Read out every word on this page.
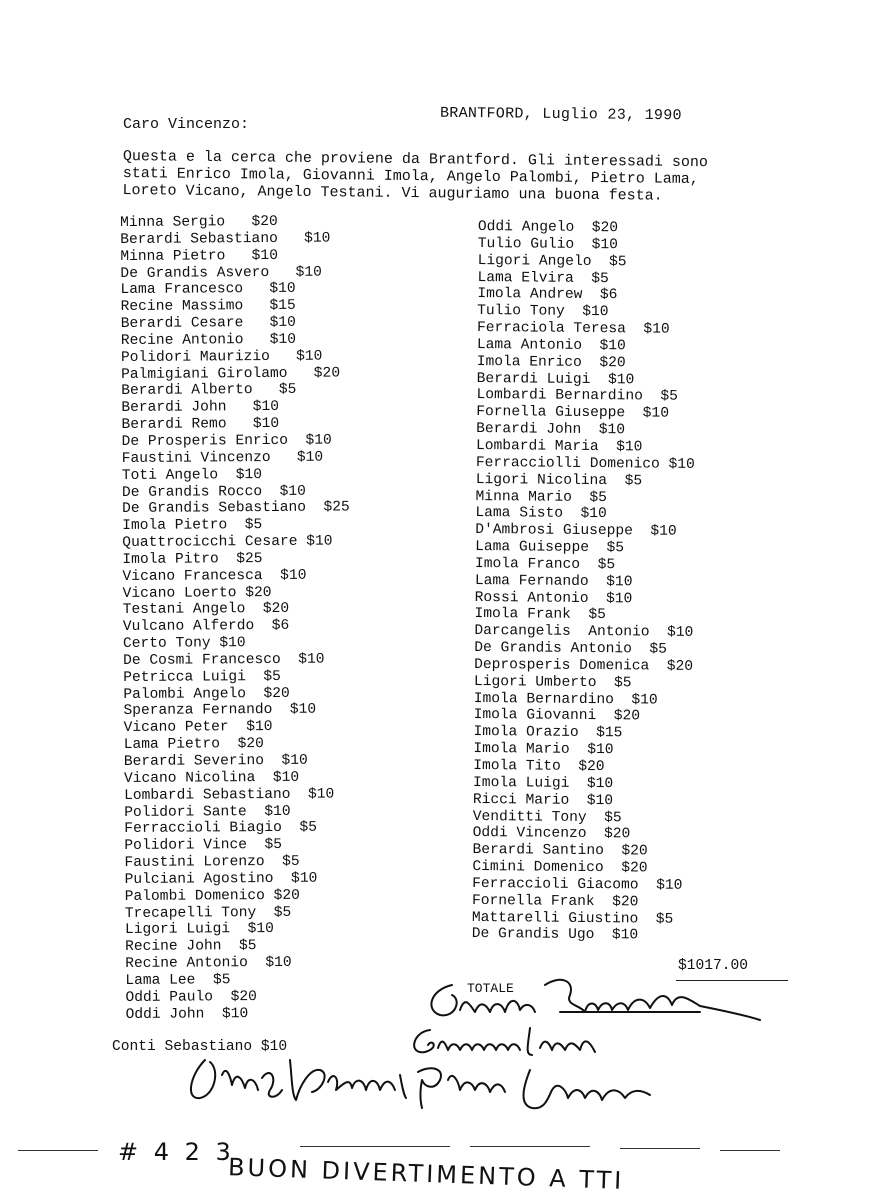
BRANTFORD, Luglio 23, 1990
Caro Vincenzo:
Questa e la cerca che proviene da Brantford. Gli interessadi sono
stati Enrico Imola, Giovanni Imola, Angelo Palombi, Pietro Lama,
Loreto Vicano, Angelo Testani. Vi auguriamo una buona festa.
Minna Sergio   $20
Berardi Sebastiano   $10
Minna Pietro   $10
De Grandis Asvero   $10
Lama Francesco   $10
Recine Massimo   $15
Berardi Cesare   $10
Recine Antonio   $10
Polidori Maurizio   $10
Palmigiani Girolamo   $20
Berardi Alberto   $5
Berardi John   $10
Berardi Remo   $10
De Prosperis Enrico  $10
Faustini Vincenzo   $10
Toti Angelo  $10
De Grandis Rocco  $10
De Grandis Sebastiano  $25
Imola Pietro  $5
Quattrocicchi Cesare $10
Imola Pitro  $25
Vicano Francesca  $10
Vicano Loerto $20
Testani Angelo  $20
Vulcano Alferdo  $6
Certo Tony $10
De Cosmi Francesco  $10
Petricca Luigi  $5
Palombi Angelo  $20
Speranza Fernando  $10
Vicano Peter  $10
Lama Pietro  $20
Berardi Severino  $10
Vicano Nicolina  $10
Lombardi Sebastiano  $10
Polidori Sante  $10
Ferraccioli Biagio  $5
Polidori Vince  $5
Faustini Lorenzo  $5
Pulciani Agostino  $10
Palombi Domenico $20
Trecapelli Tony  $5
Ligori Luigi  $10
Recine John  $5
Recine Antonio  $10
Lama Lee  $5
Oddi Paulo  $20
Oddi John  $10
Oddi Angelo  $20
Tulio Gulio  $10
Ligori Angelo  $5
Lama Elvira  $5
Imola Andrew  $6
Tulio Tony  $10
Ferraciola Teresa  $10
Lama Antonio  $10
Imola Enrico  $20
Berardi Luigi  $10
Lombardi Bernardino  $5
Fornella Giuseppe  $10
Berardi John  $10
Lombardi Maria  $10
Ferracciolli Domenico $10
Ligori Nicolina  $5
Minna Mario  $5
Lama Sisto  $10
D'Ambrosi Giuseppe  $10
Lama Guiseppe  $5
Imola Franco  $5
Lama Fernando  $10
Rossi Antonio  $10
Imola Frank  $5
Darcangelis  Antonio  $10
De Grandis Antonio  $5
Deprosperis Domenica  $20
Ligori Umberto  $5
Imola Bernardino  $10
Imola Giovanni  $20
Imola Orazio  $15
Imola Mario  $10
Imola Tito  $20
Imola Luigi  $10
Ricci Mario  $10
Venditti Tony  $5
Oddi Vincenzo  $20
Berardi Santino  $20
Cimini Domenico  $20
Ferraccioli Giacomo  $10
Fornella Frank  $20
Mattarelli Giustino  $5
De Grandis Ugo  $10
$1017.00
TOTALE
Conti Sebastiano $10
# 4 2 3
BUON DIVERTIMENTO A TTI
